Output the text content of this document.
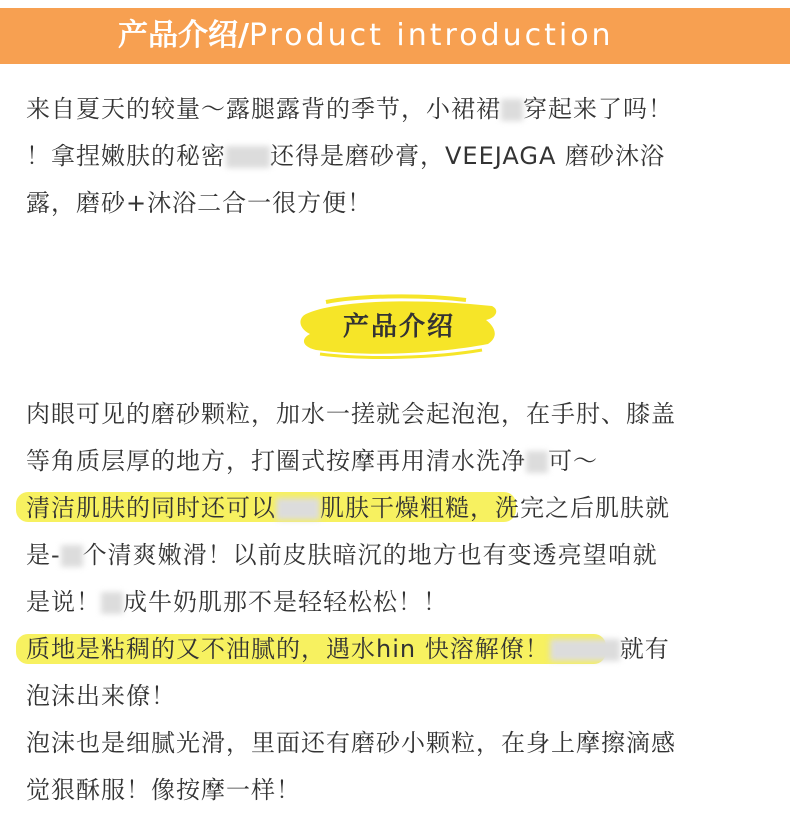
产品介绍/Product introduction
来自夏天的较量～露腿露背的季节，小裙裙 穿起来了吗！
！拿捏嫩肤的秘密 还得是磨砂膏，VEEJAGA 磨砂沐浴
露，磨砂+沐浴二合一很方便！
产品介绍
肉眼可见的磨砂颗粒，加水一搓就会起泡泡，在手肘、膝盖
等角质层厚的地方，打圈式按摩再用清水洗净 可～
清洁肌肤的同时还可以 肌肤干燥粗糙，洗完之后肌肤就
是- 个清爽嫩滑！以前皮肤暗沉的地方也有变透亮望咱就
是说！ 成牛奶肌那不是轻轻松松！！
质地是粘稠的又不油腻的，遇水hin 快溶解僚！	就有
泡沫出来僚！
泡沫也是细腻光滑，里面还有磨砂小颗粒，在身上摩擦滴感
觉狠酥服！像按摩一样！
